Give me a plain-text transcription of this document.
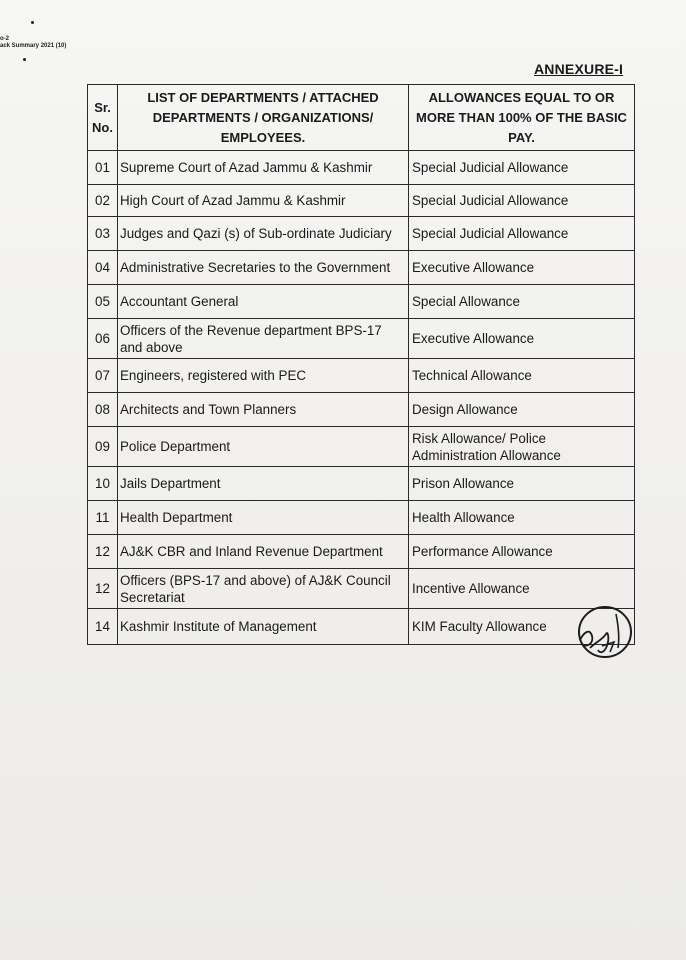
o-2
ack Summary 2021 (10)
ANNEXURE-I
Sr. No.	LIST OF DEPARTMENTS / ATTACHED DEPARTMENTS / ORGANIZATIONS/ EMPLOYEES.	ALLOWANCES EQUAL TO OR MORE THAN 100% OF THE BASIC PAY.
01	Supreme Court of Azad Jammu & Kashmir	Special Judicial Allowance
02	High Court of Azad Jammu & Kashmir	Special Judicial Allowance
03	Judges and Qazi (s) of Sub-ordinate Judiciary	Special Judicial Allowance
04	Administrative Secretaries to the Government	Executive Allowance
05	Accountant General	Special Allowance
06	Officers of the Revenue department BPS-17 and above	Executive Allowance
07	Engineers, registered with PEC	Technical Allowance
08	Architects and Town Planners	Design Allowance
09	Police Department	Risk Allowance/ Police Administration Allowance
10	Jails Department	Prison Allowance
11	Health Department	Health Allowance
12	AJ&K CBR and Inland Revenue Department	Performance Allowance
12	Officers (BPS-17 and above) of AJ&K Council Secretariat	Incentive Allowance
14	Kashmir Institute of Management	KIM Faculty Allowance
